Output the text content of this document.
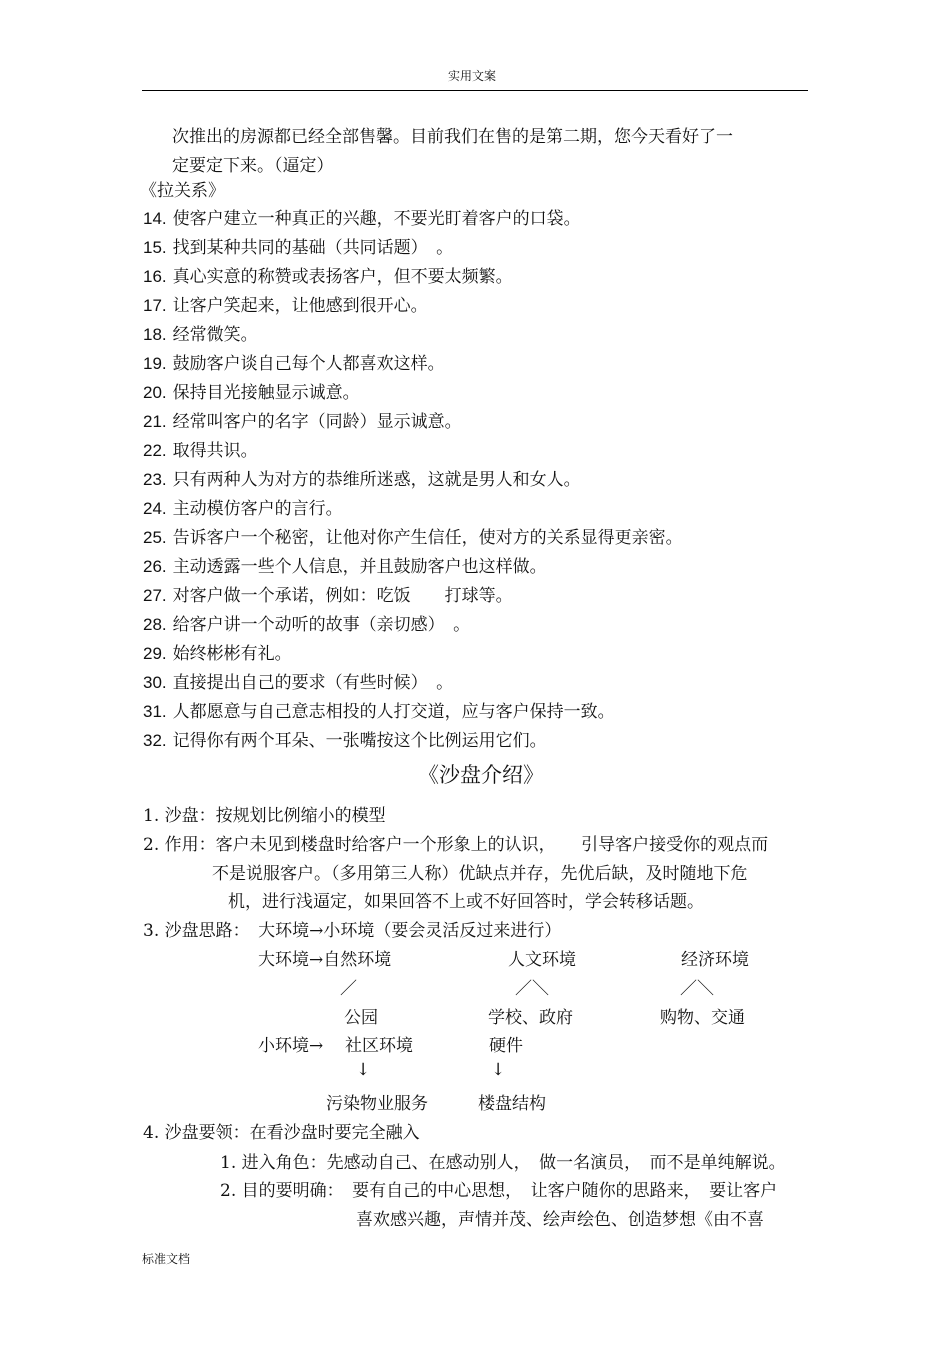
实用文案
次推出的房源都已经全部售馨。目前我们在售的是第二期，您今天看好了一
定要定下来。（逼定）
《拉关系》
14. 使客户建立一种真正的兴趣，不要光盯着客户的口袋。
15. 找到某种共同的基础（共同话题）　。
16. 真心实意的称赞或表扬客户，但不要太频繁。
17. 让客户笑起来，让他感到很开心。
18. 经常微笑。
19. 鼓励客户谈自己每个人都喜欢这样。
20. 保持目光接触显示诚意。
21. 经常叫客户的名字（同龄）显示诚意。
22. 取得共识。
23. 只有两种人为对方的恭维所迷惑，这就是男人和女人。
24. 主动模仿客户的言行。
25. 告诉客户一个秘密，让他对你产生信任，使对方的关系显得更亲密。
26. 主动透露一些个人信息，并且鼓励客户也这样做。
27. 对客户做一个承诺，例如：吃饭　　打球等。
28. 给客户讲一个动听的故事（亲切感）　。
29. 始终彬彬有礼。
30. 直接提出自己的要求（有些时候）　。
31. 人都愿意与自己意志相投的人打交道，应与客户保持一致。
32. 记得你有两个耳朵、一张嘴按这个比例运用它们。
《沙盘介绍》
1. 沙盘：按规划比例缩小的模型
2. 作用：客户未见到楼盘时给客户一个形象上的认识，　　引导客户接受你的观点而
不是说服客户。（多用第三人称）优缺点并存，先优后缺，及时随地下危
机，进行浅逼定，如果回答不上或不好回答时，学会转移话题。
3. 沙盘思路：　大环境→小环境（要会灵活反过来进行）
大环境→自然环境	人文环境	经济环境
／	／＼	／＼
公园	学校、政府	购物、交通
小环境→ 社区环境	硬件
↓	↓
污染物业服务	楼盘结构
4. 沙盘要领：在看沙盘时要完全融入
1. 进入角色：先感动自己、在感动别人，　做一名演员，　而不是单纯解说。
2. 目的要明确：　要有自己的中心思想，　让客户随你的思路来，　要让客户
喜欢感兴趣，声情并茂、绘声绘色、创造梦想《由不喜
标准文档
